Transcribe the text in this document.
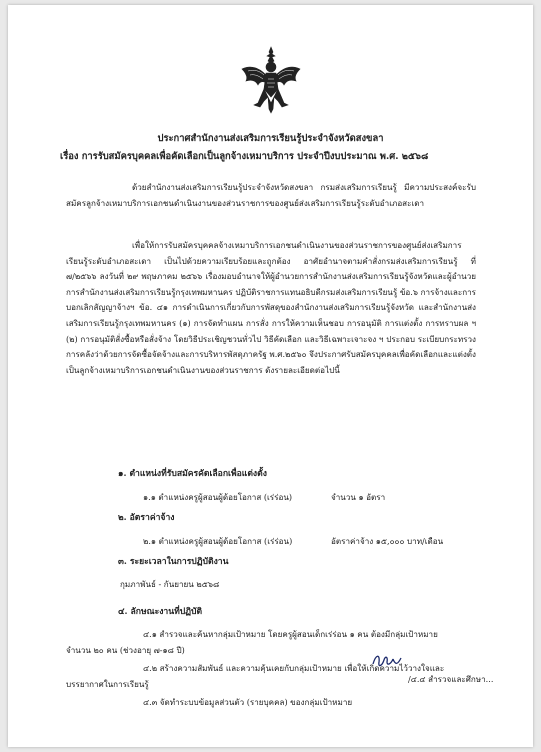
ประกาศสำนักงานส่งเสริมการเรียนรู้ประจำจังหวัดสงขลา
เรื่อง การรับสมัครบุคคลเพื่อคัดเลือกเป็นลูกจ้างเหมาบริการ ประจำปีงบประมาณ พ.ศ. ๒๕๖๘

ด้วยสำนักงานส่งเสริมการเรียนรู้ประจำจังหวัดสงขลา กรมส่งเสริมการเรียนรู้ มีความประสงค์จะรับสมัครลูกจ้างเหมาบริการเอกชนดำเนินงานของส่วนราชการของศูนย์ส่งเสริมการเรียนรู้ระดับอำเภอสะเดา

เพื่อให้การรับสมัครบุคคลจ้างเหมาบริการเอกชนดำเนินงานของส่วนราชการของศูนย์ส่งเสริมการเรียนรู้ระดับอำเภอสะเดา เป็นไปด้วยความเรียบร้อยและถูกต้อง อาศัยอำนาจตามคำสั่งกรมส่งเสริมการเรียนรู้ ที่ ๗/๒๕๖๖ ลงวันที่ ๒๙ พฤษภาคม ๒๕๖๖ เรื่องมอบอำนาจให้ผู้อำนวยการสำนักงานส่งเสริมการเรียนรู้จังหวัดและผู้อำนวยการสำนักงานส่งเสริมการเรียนรู้กรุงเทพมหานคร ปฏิบัติราชการแทนอธิบดีกรมส่งเสริมการเรียนรู้ ข้อ.๖ การจ้างและการบอกเลิกสัญญาจ้างฯ ข้อ. ๔๑ การดำเนินการเกี่ยวกับการพัสดุของสำนักงานส่งเสริมการเรียนรู้จังหวัด และสำนักงานส่งเสริมการเรียนรู้กรุงเทพมหานคร (๑) การจัดทำแผน การสั่ง การให้ความเห็นชอบ การอนุมัติ การแต่งตั้ง การทราบผล ฯ (๒) การอนุมัติสั่งซื้อหรือสั่งจ้าง โดยวิธีประเชิญชวนทั่วไป วิธีคัดเลือก และวิธีเฉพาะเจาะจง ฯ ประกอบ ระเบียบกระทรวงการคลังว่าด้วยการจัดซื้อจัดจ้างและการบริหารพัสดุภาครัฐ พ.ศ.๒๕๖๐ จึงประกาศรับสมัครบุคคลเพื่อคัดเลือกและแต่งตั้งเป็นลูกจ้างเหมาบริการเอกชนดำเนินงานของส่วนราชการ ดังรายละเอียดต่อไปนี้

๑. ตำแหน่งที่รับสมัครคัดเลือกเพื่อแต่งตั้ง
๑.๑ ตำแหน่งครูผู้สอนผู้ด้อยโอกาส (เร่ร่อน)	จำนวน ๑ อัตรา
๒. อัตราค่าจ้าง
๒.๑ ตำแหน่งครูผู้สอนผู้ด้อยโอกาส (เร่ร่อน)	อัตราค่าจ้าง ๑๕,๐๐๐ บาท/เดือน
๓. ระยะเวลาในการปฏิบัติงาน
กุมภาพันธ์ - กันยายน ๒๕๖๘
๔. ลักษณะงานที่ปฏิบัติ
๔.๑ สำรวจและค้นหากลุ่มเป้าหมาย โดยครูผู้สอนเด็กเร่ร่อน ๑ คน ต้องมีกลุ่มเป้าหมาย
จำนวน ๒๐ คน (ช่วงอายุ ๗-๑๘ ปี)
๔.๒ สร้างความสัมพันธ์ และความคุ้นเคยกับกลุ่มเป้าหมาย เพื่อให้เกิดความไว้วางใจและ
บรรยากาศในการเรียนรู้
๔.๓ จัดทำระบบข้อมูลส่วนตัว (รายบุคคล) ของกลุ่มเป้าหมาย
/๔.๔ สำรวจและศึกษา...
